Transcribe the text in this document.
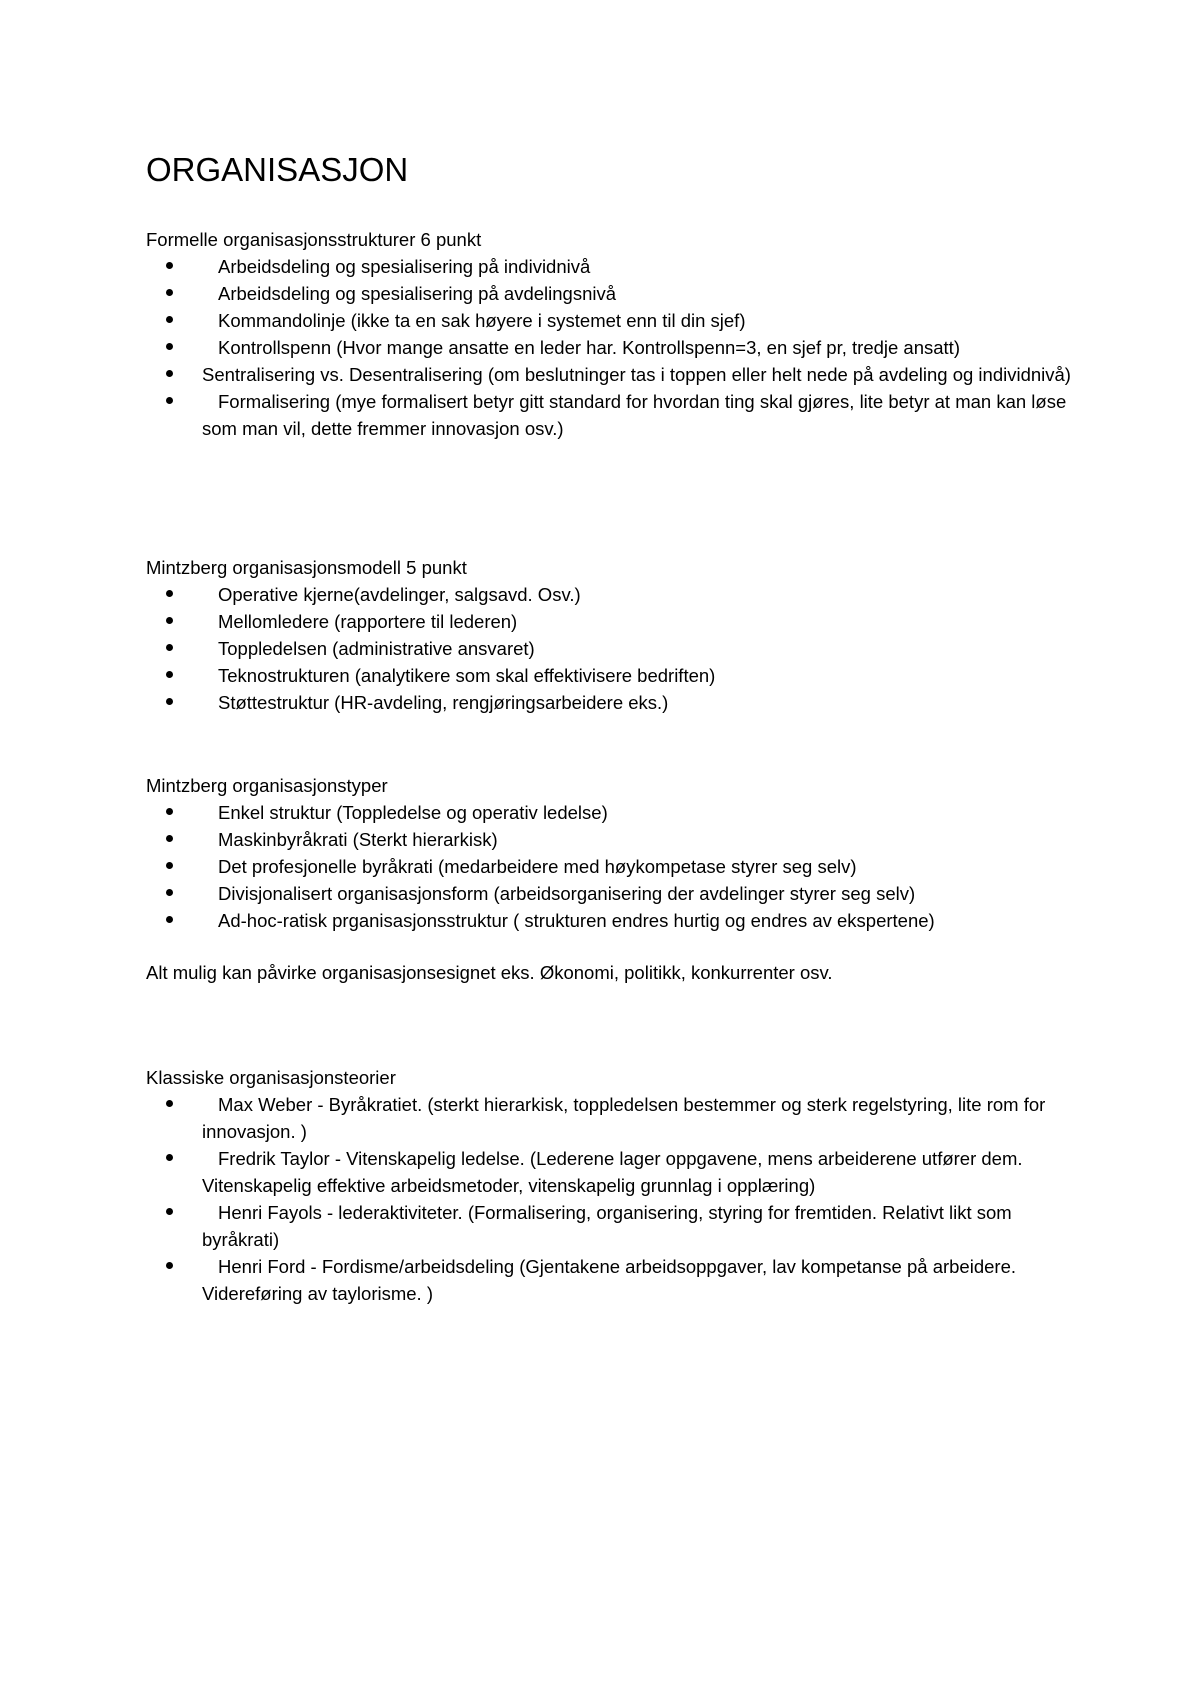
ORGANISASJON

Formelle organisasjonsstrukturer 6 punkt

Arbeidsdeling og spesialisering på individnivå
Arbeidsdeling og spesialisering på avdelingsnivå
Kommandolinje (ikke ta en sak høyere i systemet enn til din sjef)
Kontrollspenn (Hvor mange ansatte en leder har. Kontrollspenn=3, en sjef pr, tredje ansatt)
Sentralisering vs. Desentralisering (om beslutninger tas i toppen eller helt nede på avdeling og individnivå)
Formalisering (mye formalisert betyr gitt standard for hvordan ting skal gjøres, lite betyr at man kan løse som man vil, dette fremmer innovasjon osv.)

Mintzberg organisasjonsmodell 5 punkt

Operative kjerne(avdelinger, salgsavd. Osv.)
Mellomledere (rapportere til lederen)
Toppledelsen (administrative ansvaret)
Teknostrukturen (analytikere som skal effektivisere bedriften)
Støttestruktur (HR-avdeling, rengjøringsarbeidere eks.)

Mintzberg organisasjonstyper

Enkel struktur (Toppledelse og operativ ledelse)
Maskinbyråkrati (Sterkt hierarkisk)
Det profesjonelle byråkrati (medarbeidere med høykompetase styrer seg selv)
Divisjonalisert organisasjonsform (arbeidsorganisering der avdelinger styrer seg selv)
Ad-hoc-ratisk prganisasjonsstruktur ( strukturen endres hurtig og endres av ekspertene)

Alt mulig kan påvirke organisasjonsesignet eks. Økonomi, politikk, konkurrenter osv.

Klassiske organisasjonsteorier

Max Weber - Byråkratiet. (sterkt hierarkisk, toppledelsen bestemmer og sterk regelstyring, lite rom for innovasjon. )
Fredrik Taylor - Vitenskapelig ledelse. (Lederene lager oppgavene, mens arbeiderene utfører dem. Vitenskapelig effektive arbeidsmetoder, vitenskapelig grunnlag i opplæring)
Henri Fayols - lederaktiviteter. (Formalisering, organisering, styring for fremtiden. Relativt likt som byråkrati)
Henri Ford - Fordisme/arbeidsdeling (Gjentakene arbeidsoppgaver, lav kompetanse på arbeidere. Videreføring av taylorisme. )
